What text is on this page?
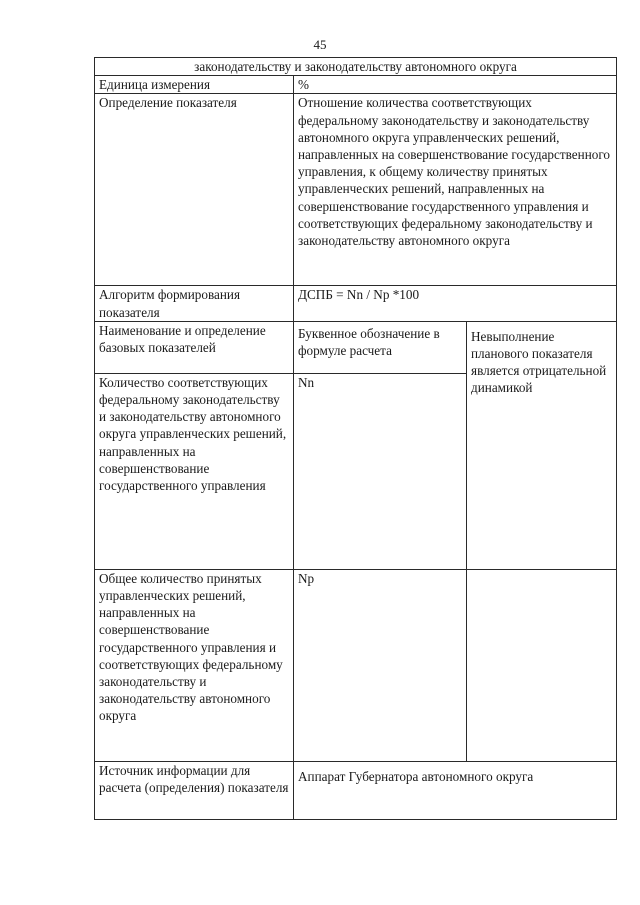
45
законодательству и законодательству автономного округа		
Единица измерения	%	
Определение показателя	Отношение количества соответствующих федеральному законодательству и законодательству автономного округа управленческих решений, направленных на совершенствование государственного управления, к общему количеству принятых управленческих решений, направленных на совершенствование государственного управления и соответствующих федеральному законодательству и законодательству автономного округа	
Алгоритм формирования показателя	ДСПБ = Nn / Np *100	
Наименование и определение базовых показателей	Буквенное обозначение в формуле расчета	Невыполнение планового показателя является отрицательной динамикой
Количество соответствующих федеральному законодательству и законодательству автономного округа управленческих решений, направленных на совершенствование государственного управления	Nn	
Общее количество принятых управленческих решений, направленных на совершенствование государственного управления и соответствующих федеральному законодательству и законодательству автономного округа	Np	
Источник информации для расчета (определения) показателя	Аппарат Губернатора автономного округа	
